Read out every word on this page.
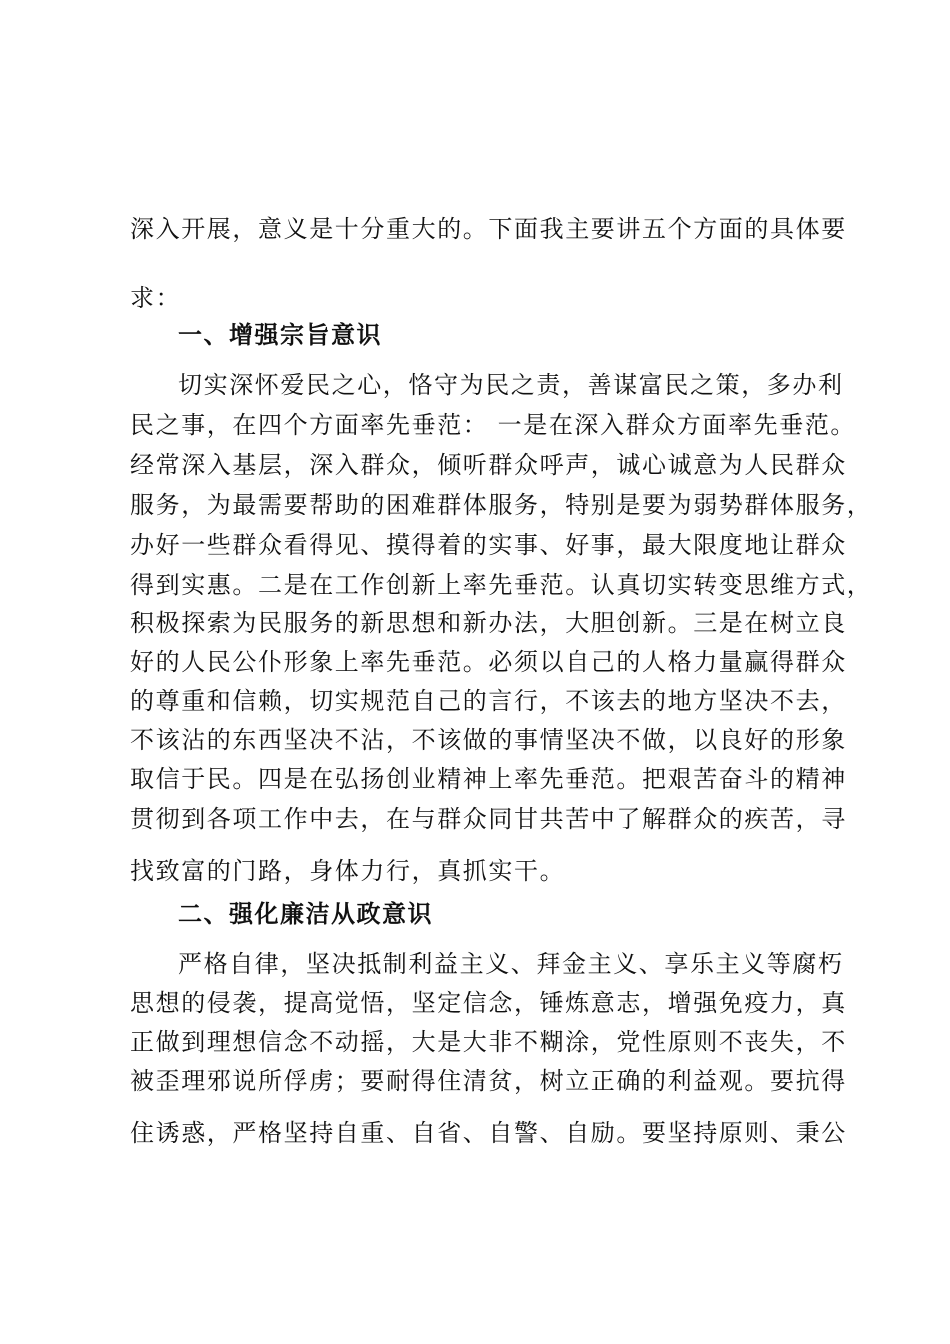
深入开展，意义是十分重大的。下面我主要讲五个方面的具体要
求：
一、增强宗旨意识
切实深怀爱民之心，恪守为民之责，善谋富民之策，多办利
民之事，在四个方面率先垂范： 一是在深入群众方面率先垂范。
经常深入基层，深入群众，倾听群众呼声，诚心诚意为人民群众
服务，为最需要帮助的困难群体服务，特别是要为弱势群体服务，
办好一些群众看得见、摸得着的实事、好事，最大限度地让群众
得到实惠。二是在工作创新上率先垂范。认真切实转变思维方式，
积极探索为民服务的新思想和新办法，大胆创新。三是在树立良
好的人民公仆形象上率先垂范。必须以自己的人格力量赢得群众
的尊重和信赖，切实规范自己的言行，不该去的地方坚决不去，
不该沾的东西坚决不沾，不该做的事情坚决不做，以良好的形象
取信于民。四是在弘扬创业精神上率先垂范。把艰苦奋斗的精神
贯彻到各项工作中去，在与群众同甘共苦中了解群众的疾苦，寻
找致富的门路，身体力行，真抓实干。
二、强化廉洁从政意识
严格自律，坚决抵制利益主义、拜金主义、享乐主义等腐朽
思想的侵袭，提高觉悟，坚定信念，锤炼意志，增强免疫力，真
正做到理想信念不动摇，大是大非不糊涂，党性原则不丧失，不
被歪理邪说所俘虏；要耐得住清贫，树立正确的利益观。要抗得
住诱惑，严格坚持自重、自省、自警、自励。要坚持原则、秉公
